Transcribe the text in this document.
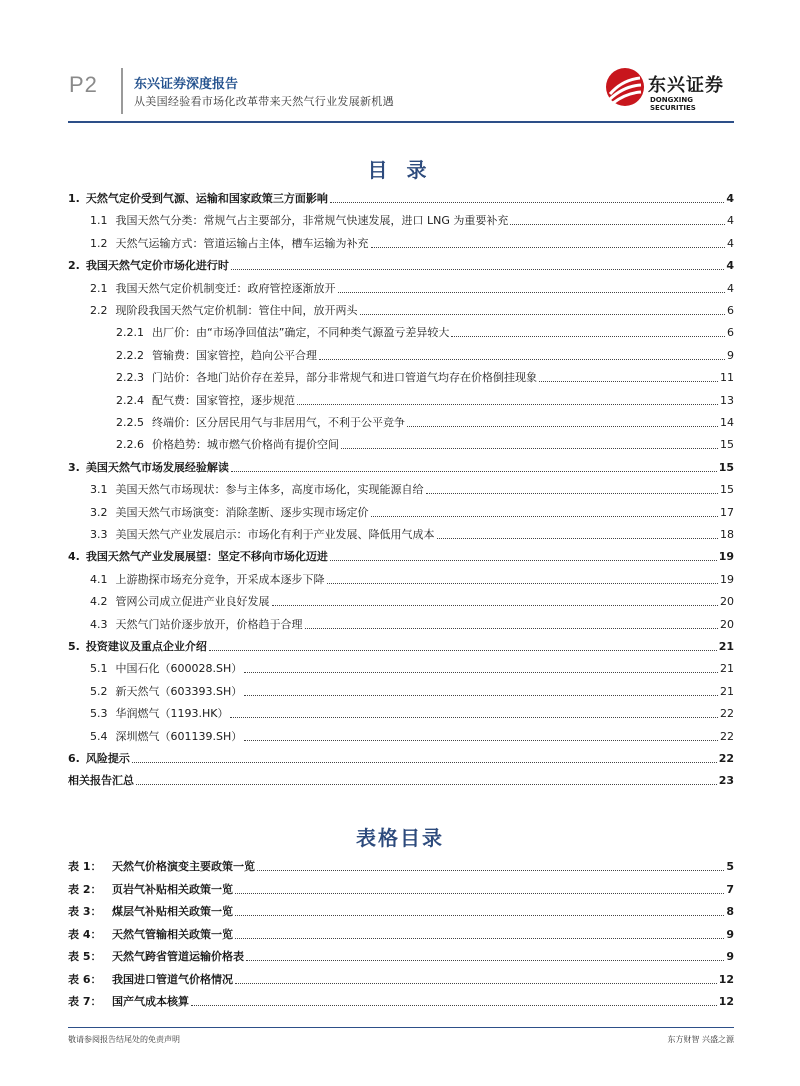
P2	东兴证券深度报告
从美国经验看市场化改革带来天然气行业发展新机遇
东兴证券
DONGXING SECURITIES
目 录
1. 天然气定价受到气源、运输和国家政策三方面影响	4
1.1 我国天然气分类：常规气占主要部分，非常规气快速发展，进口 LNG 为重要补充	4
1.2 天然气运输方式：管道运输占主体，槽车运输为补充	4
2. 我国天然气定价市场化进行时	4
2.1 我国天然气定价机制变迁：政府管控逐渐放开	4
2.2 现阶段我国天然气定价机制：管住中间，放开两头	6
2.2.1 出厂价：由“市场净回值法”确定，不同种类气源盈亏差异较大	6
2.2.2 管输费：国家管控，趋向公平合理	9
2.2.3 门站价：各地门站价存在差异，部分非常规气和进口管道气均存在价格倒挂现象	11
2.2.4 配气费：国家管控，逐步规范	13
2.2.5 终端价：区分居民用气与非居用气，不利于公平竞争	14
2.2.6 价格趋势：城市燃气价格尚有提价空间	15
3. 美国天然气市场发展经验解读	15
3.1 美国天然气市场现状：参与主体多，高度市场化，实现能源自给	15
3.2 美国天然气市场演变：消除垄断、逐步实现市场定价	17
3.3 美国天然气产业发展启示：市场化有利于产业发展、降低用气成本	18
4. 我国天然气产业发展展望：坚定不移向市场化迈进	19
4.1 上游勘探市场充分竞争，开采成本逐步下降	19
4.2 管网公司成立促进产业良好发展	20
4.3 天然气门站价逐步放开，价格趋于合理	20
5. 投资建议及重点企业介绍	21
5.1 中国石化（600028.SH）	21
5.2 新天然气（603393.SH）	21
5.3 华润燃气（1193.HK）	22
5.4 深圳燃气（601139.SH）	22
6. 风险提示	22
相关报告汇总	23
表格目录
表 1： 天然气价格演变主要政策一览	5
表 2： 页岩气补贴相关政策一览	7
表 3： 煤层气补贴相关政策一览	8
表 4： 天然气管输相关政策一览	9
表 5： 天然气跨省管道运输价格表	9
表 6： 我国进口管道气价格情况	12
表 7： 国产气成本核算	12
敬请参阅报告结尾处的免责声明	东方财智 兴盛之源
